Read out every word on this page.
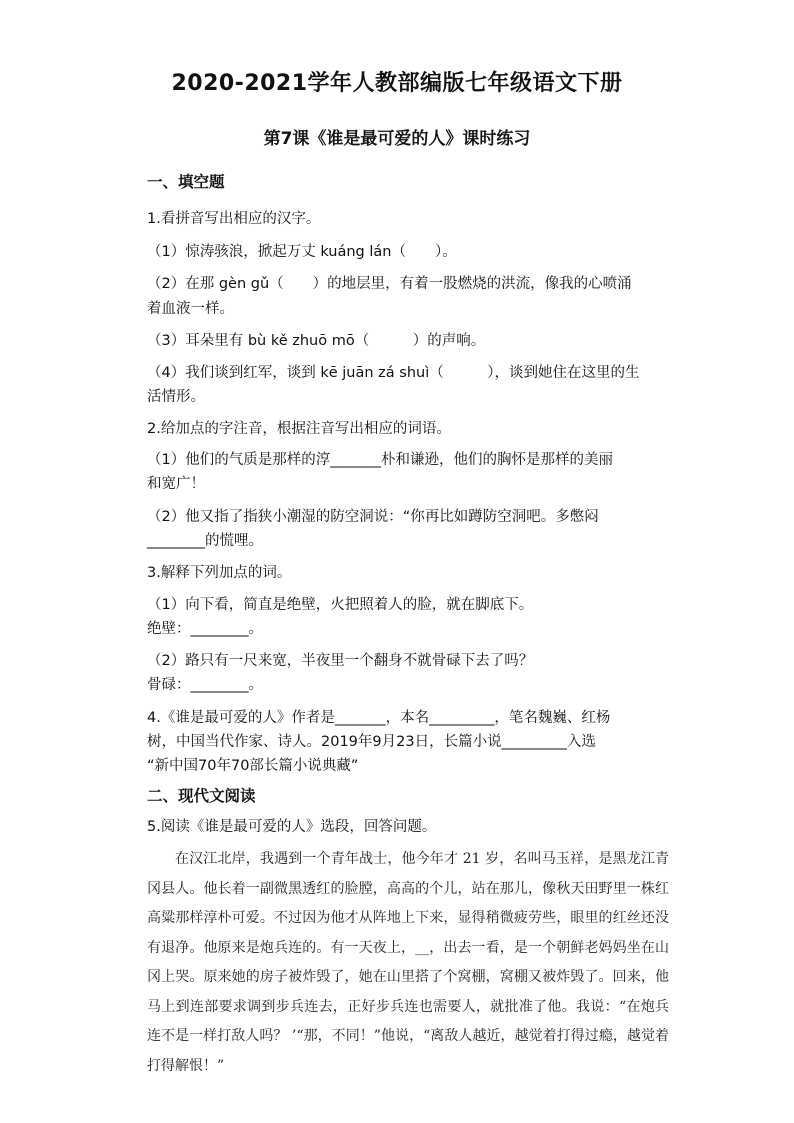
2020-2021学年人教部编版七年级语文下册
第7课《谁是最可爱的人》课时练习
一、填空题
1.看拼音写出相应的汉字。
（1）惊涛骇浪，掀起万丈 kuáng lán（　　）。
（2）在那 gèn gǔ（　　）的地层里，有着一股燃烧的洪流，像我的心喷涌
着血液一样。
（3）耳朵里有 bù kě zhuō mō（　　　）的声响。
（4）我们谈到红军，谈到 kē juān zá shuì（　　　），谈到她住在这里的生
活情形。
2.给加点的字注音，根据注音写出相应的词语。
（1）他们的气质是那样的淳_______朴和谦逊，他们的胸怀是那样的美丽
和宽广！
（2）他又指了指狭小潮湿的防空洞说：“你再比如蹲防空洞吧。多憋闷
________的慌哩。
3.解释下列加点的词。
（1）向下看，简直是绝壁，火把照着人的脸，就在脚底下。
绝壁：________。
（2）路只有一尺来宽，半夜里一个翻身不就骨碌下去了吗？
骨碌：________。
4.《谁是最可爱的人》作者是_______，本名_________，笔名魏巍、红杨
树，中国当代作家、诗人。2019年9月23日，长篇小说_________入选
“新中国70年70部长篇小说典藏”
二、现代文阅读
5.阅读《谁是最可爱的人》选段，回答问题。

在汉江北岸，我遇到一个青年战士，他今年才 21 岁，名叫马玉祥，是黑龙江青冈县人。他长着一副微黑透红的脸膛，高高的个儿，站在那儿，像秋天田野里一株红高粱那样淳朴可爱。不过因为他才从阵地上下来，显得稍微疲劳些，眼里的红丝还没有退净。他原来是炮兵连的。有一天夜上，__，出去一看，是一个朝鲜老妈妈坐在山冈上哭。原来她的房子被炸毁了，她在山里搭了个窝棚，窝棚又被炸毁了。回来，他马上到连部要求调到步兵连去，正好步兵连也需要人，就批准了他。我说：“在炮兵连不是一样打敌人吗？ ’“那，不同！”他说，“离敌人越近，越觉着打得过瘾，越觉着打得解恨！”
